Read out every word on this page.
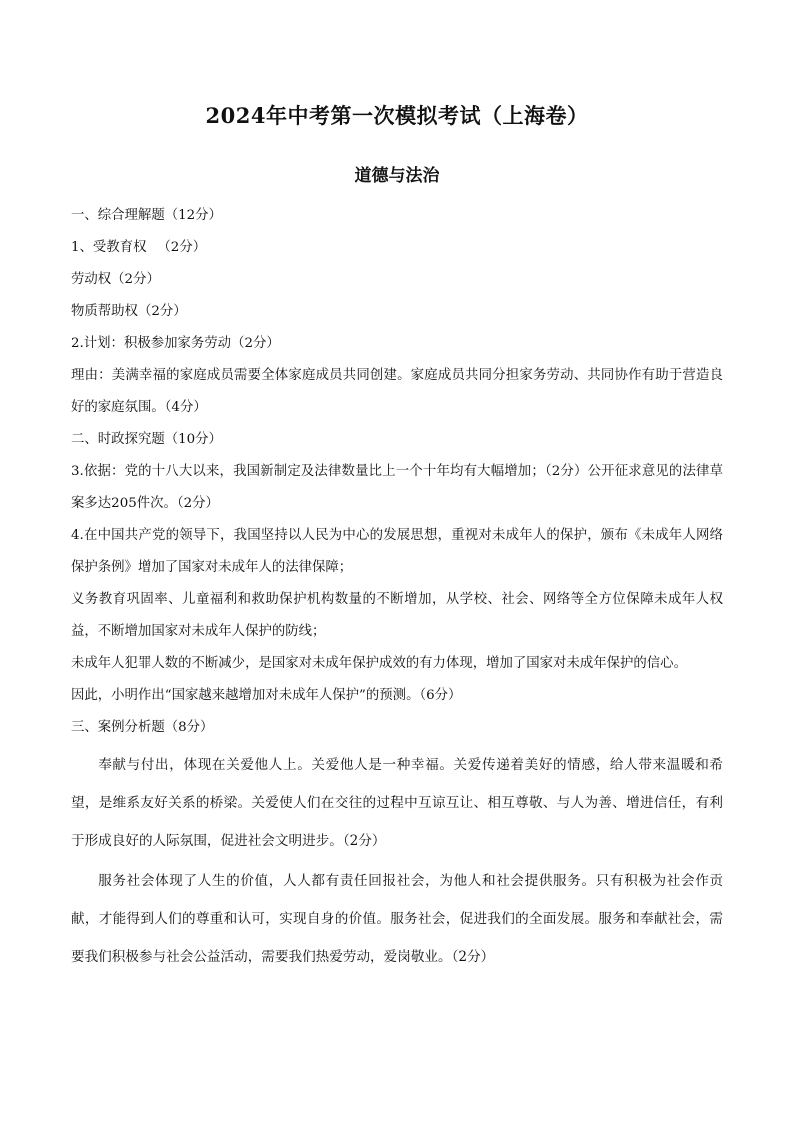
2024年中考第一次模拟考试（上海卷）
道德与法治
一、综合理解题（12分）
1、受教育权 　（2分）
劳动权（2分）
物质帮助权（2分）
2.计划：积极参加家务劳动（2分）
理由：美满幸福的家庭成员需要全体家庭成员共同创建。家庭成员共同分担家务劳动、共同协作有助于营造良好的家庭氛围。（4分）
二、时政探究题（10分）
3.依据：党的十八大以来，我国新制定及法律数量比上一个十年均有大幅增加；（2分）公开征求意见的法律草案多达205件次。（2分）
4.在中国共产党的领导下，我国坚持以人民为中心的发展思想，重视对未成年人的保护，颁布《未成年人网络保护条例》增加了国家对未成年人的法律保障；
义务教育巩固率、儿童福利和救助保护机构数量的不断增加，从学校、社会、网络等全方位保障未成年人权益，不断增加国家对未成年人保护的防线；
未成年人犯罪人数的不断减少，是国家对未成年保护成效的有力体现，增加了国家对未成年保护的信心。
因此，小明作出“国家越来越增加对未成年人保护”的预测。（6分）
三、案例分析题（8分）
奉献与付出，体现在关爱他人上。关爱他人是一种幸福。关爱传递着美好的情感，给人带来温暖和希望，是维系友好关系的桥梁。关爱使人们在交往的过程中互谅互让、相互尊敬、与人为善、增进信任，有利于形成良好的人际氛围，促进社会文明进步。（2分）
服务社会体现了人生的价值，人人都有责任回报社会，为他人和社会提供服务。只有积极为社会作贡献，才能得到人们的尊重和认可，实现自身的价值。服务社会，促进我们的全面发展。服务和奉献社会，需要我们积极参与社会公益活动，需要我们热爱劳动，爱岗敬业。（2分）
